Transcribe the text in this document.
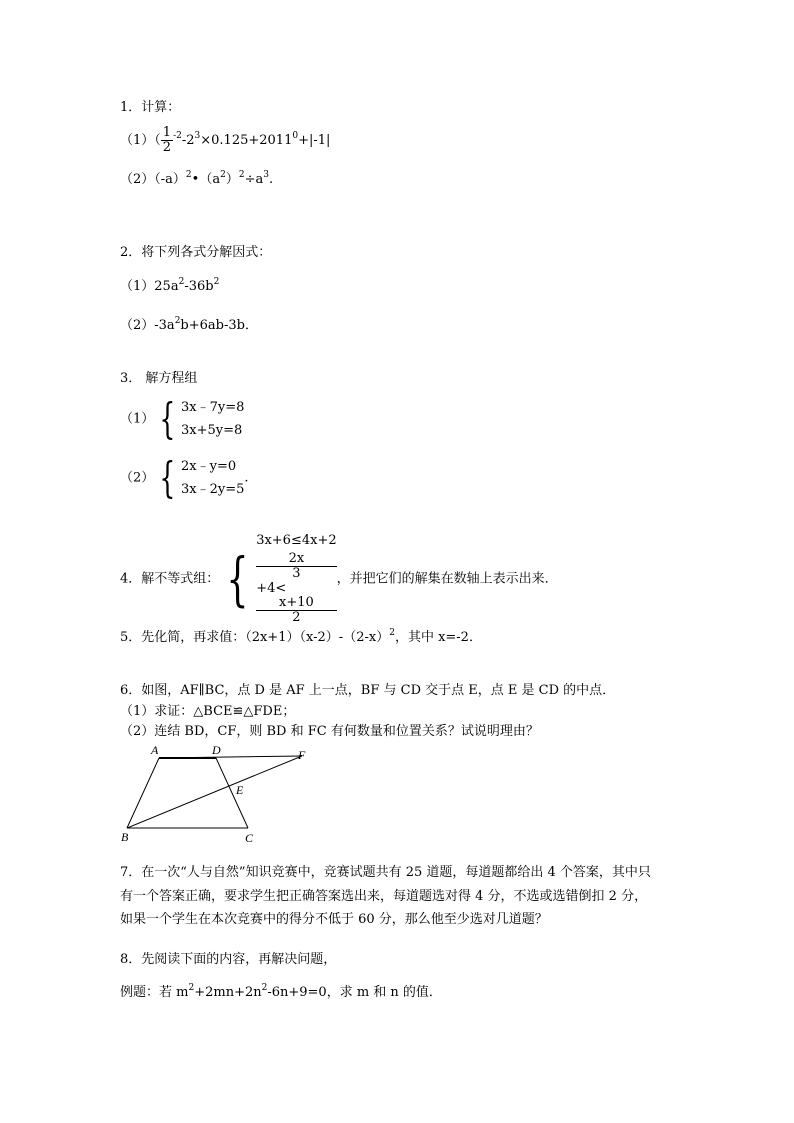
1．计算：
$(1)( \frac{1}{2} ^{-2}-2^3\times 0.125+2011^0+|-1|$
$(2)(-a)^2•(a^2)^2\div a^3$.
2．将下列各式分解因式：
$(1)25a^2-36b^2$
$(2)-3a^2b+6ab-3b$．
3． 解方程组
（1） { 3x﹣7y=8
3x+5y=8
（2） { 2x﹣y=0
3x﹣2y=5
.
4．解不等式组： {
3x+6≤4x+2
2x
3
+4<
x+10
2
，并把它们的解集在数轴上表示出来．
5．先化简，再求值：$(2x+1)(x-2)-(2-x)^2$，其中 x=-2．
6．如图，AF∥BC，点 D 是 AF 上一点，BF 与 CD 交于点 E，点 E 是 CD 的中点．
（1）求证：△BCE≌△FDE；
（2）连结 BD，CF，则 BD 和 FC 有何数量和位置关系？试说明理由？
A	D	F
E
B	C
7．在一次“人与自然”知识竞赛中，竞赛试题共有 25 道题，每道题都给出 4 个答案，其中只
有一个答案正确，要求学生把正确答案选出来，每道题选对得 4 分，不选或选错倒扣 2 分，
如果一个学生在本次竞赛中的得分不低于 60 分，那么他至少选对几道题？
8．先阅读下面的内容，再解决问题，
例题：若 $m^2+2mn+2n^2-6n+9=0$，求 m 和 n 的值．
